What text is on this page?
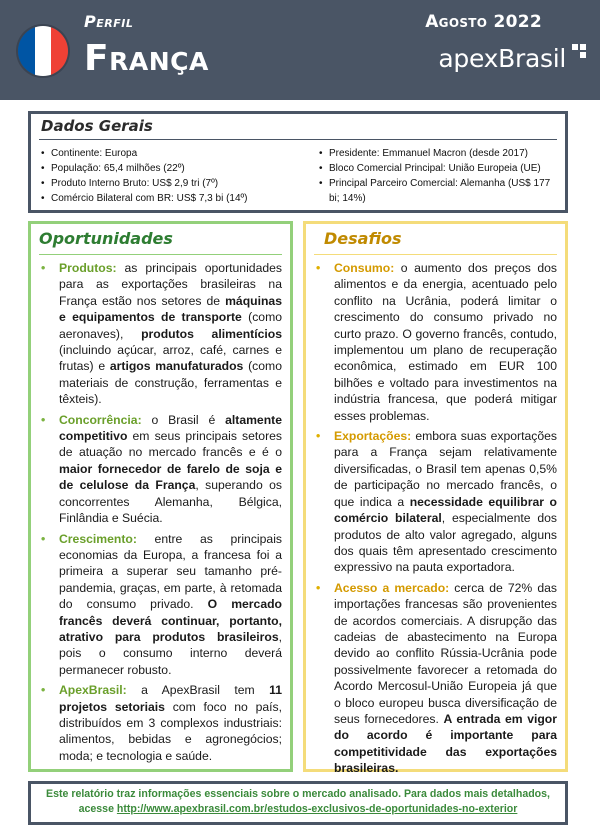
Perfil
França
Agosto 2022
apexBrasil
Dados Gerais
• Continente: Europa
• População: 65,4 milhões (22º)
• Produto Interno Bruto: US$ 2,9 tri (7º)
• Comércio Bilateral com BR: US$ 7,3 bi (14º)
• Presidente: Emmanuel Macron (desde 2017)
• Bloco Comercial Principal: União Europeia (UE)
• Principal Parceiro Comercial: Alemanha (US$ 177 bi; 14%)
Oportunidades
• Produtos: as principais oportunidades para as exportações brasileiras na França estão nos setores de máquinas e equipamentos de transporte (como aeronaves), produtos alimentícios (incluindo açúcar, arroz, café, carnes e frutas) e artigos manufaturados (como materiais de construção, ferramentas e têxteis).
• Concorrência: o Brasil é altamente competitivo em seus principais setores de atuação no mercado francês e é o maior fornecedor de farelo de soja e de celulose da França, superando os concorrentes Alemanha, Bélgica, Finlândia e Suécia.
• Crescimento: entre as principais economias da Europa, a francesa foi a primeira a superar seu tamanho pré-pandemia, graças, em parte, à retomada do consumo privado. O mercado francês deverá continuar, portanto, atrativo para produtos brasileiros, pois o consumo interno deverá permanecer robusto.
• ApexBrasil: a ApexBrasil tem 11 projetos setoriais com foco no país, distribuídos em 3 complexos industriais: alimentos, bebidas e agronegócios; moda; e tecnologia e saúde.
Desafios
• Consumo: o aumento dos preços dos alimentos e da energia, acentuado pelo conflito na Ucrânia, poderá limitar o crescimento do consumo privado no curto prazo. O governo francês, contudo, implementou um plano de recuperação econômica, estimado em EUR 100 bilhões e voltado para investimentos na indústria francesa, que poderá mitigar esses problemas.
• Exportações: embora suas exportações para a França sejam relativamente diversificadas, o Brasil tem apenas 0,5% de participação no mercado francês, o que indica a necessidade equilibrar o comércio bilateral, especialmente dos produtos de alto valor agregado, alguns dos quais têm apresentado crescimento expressivo na pauta exportadora.
• Acesso a mercado: cerca de 72% das importações francesas são provenientes de acordos comerciais. A disrupção das cadeias de abastecimento na Europa devido ao conflito Rússia-Ucrânia pode possivelmente favorecer a retomada do Acordo Mercosul-União Europeia já que o bloco europeu busca diversificação de seus fornecedores. A entrada em vigor do acordo é importante para competitividade das exportações brasileiras.
Este relatório traz informações essenciais sobre o mercado analisado. Para dados mais detalhados,
acesse http://www.apexbrasil.com.br/estudos-exclusivos-de-oportunidades-no-exterior
